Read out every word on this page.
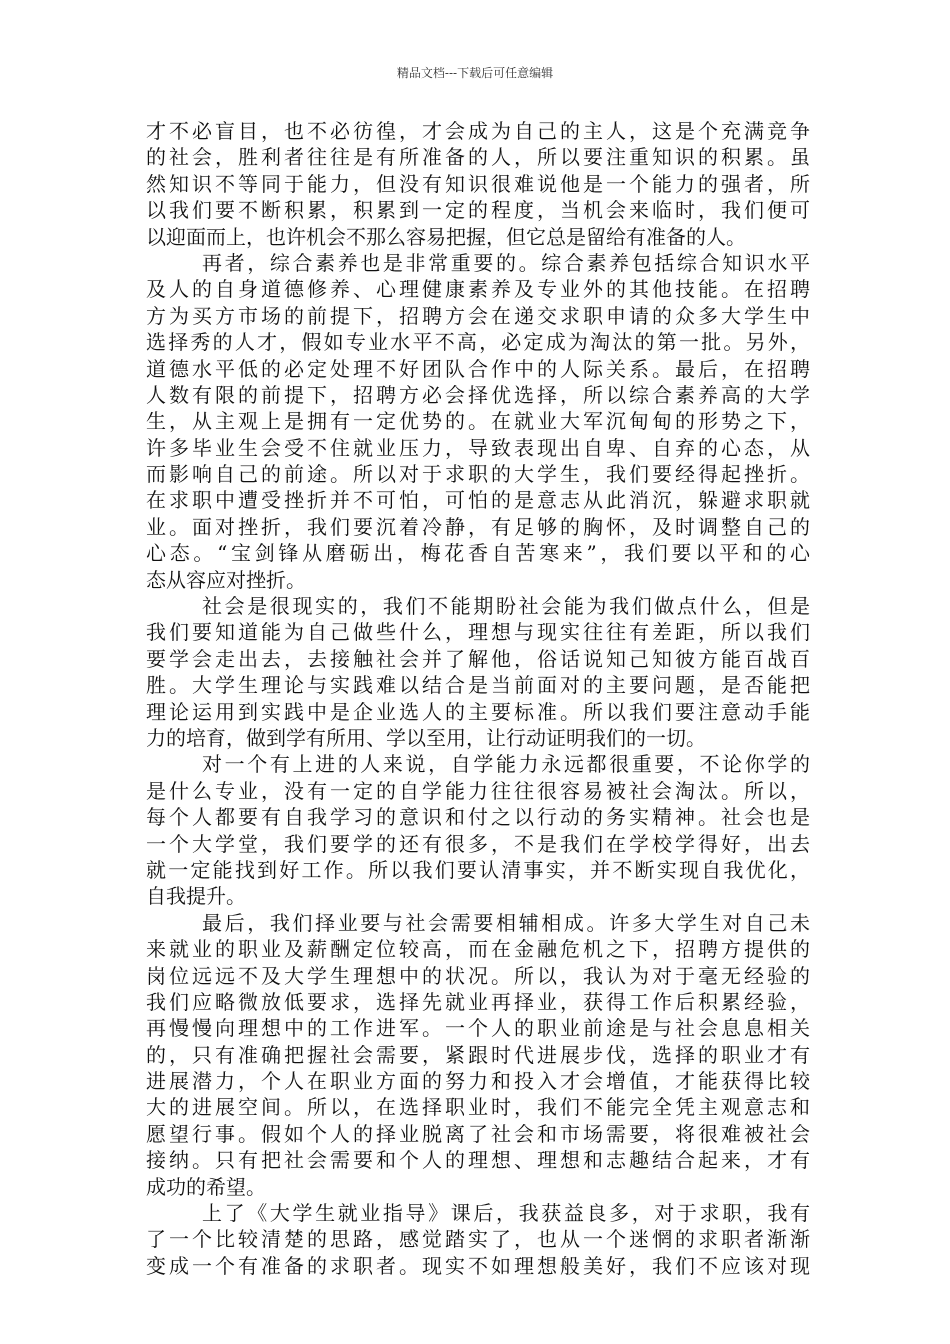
精品文档---下载后可任意编辑
才不必盲目，也不必彷徨，才会成为自己的主人，这是个充满竞争
的社会，胜利者往往是有所准备的人，所以要注重知识的积累。虽
然知识不等同于能力，但没有知识很难说他是一个能力的强者，所
以我们要不断积累，积累到一定的程度，当机会来临时，我们便可
以迎面而上，也许机会不那么容易把握，但它总是留给有准备的人。
再者，综合素养也是非常重要的。综合素养包括综合知识水平
及人的自身道德修养、心理健康素养及专业外的其他技能。在招聘
方为买方市场的前提下，招聘方会在递交求职申请的众多大学生中
选择秀的人才，假如专业水平不高，必定成为淘汰的第一批。另外，
道德水平低的必定处理不好团队合作中的人际关系。最后，在招聘
人数有限的前提下，招聘方必会择优选择，所以综合素养高的大学
生，从主观上是拥有一定优势的。在就业大军沉甸甸的形势之下，
许多毕业生会受不住就业压力，导致表现出自卑、自弃的心态，从
而影响自己的前途。所以对于求职的大学生，我们要经得起挫折。
在求职中遭受挫折并不可怕，可怕的是意志从此消沉，躲避求职就
业。面对挫折，我们要沉着冷静，有足够的胸怀，及时调整自己的
心态。“宝剑锋从磨砺出，梅花香自苦寒来”，我们要以平和的心
态从容应对挫折。
社会是很现实的，我们不能期盼社会能为我们做点什么，但是
我们要知道能为自己做些什么，理想与现实往往有差距，所以我们
要学会走出去，去接触社会并了解他，俗话说知己知彼方能百战百
胜。大学生理论与实践难以结合是当前面对的主要问题，是否能把
理论运用到实践中是企业选人的主要标准。所以我们要注意动手能
力的培育，做到学有所用、学以至用，让行动证明我们的一切。
对一个有上进的人来说，自学能力永远都很重要，不论你学的
是什么专业，没有一定的自学能力往往很容易被社会淘汰。所以，
每个人都要有自我学习的意识和付之以行动的务实精神。社会也是
一个大学堂，我们要学的还有很多，不是我们在学校学得好，出去
就一定能找到好工作。所以我们要认清事实，并不断实现自我优化，
自我提升。
最后，我们择业要与社会需要相辅相成。许多大学生对自己未
来就业的职业及薪酬定位较高，而在金融危机之下，招聘方提供的
岗位远远不及大学生理想中的状况。所以，我认为对于毫无经验的
我们应略微放低要求，选择先就业再择业，获得工作后积累经验，
再慢慢向理想中的工作进军。一个人的职业前途是与社会息息相关
的，只有准确把握社会需要，紧跟时代进展步伐，选择的职业才有
进展潜力，个人在职业方面的努力和投入才会增值，才能获得比较
大的进展空间。所以，在选择职业时，我们不能完全凭主观意志和
愿望行事。假如个人的择业脱离了社会和市场需要，将很难被社会
接纳。只有把社会需要和个人的理想、理想和志趣结合起来，才有
成功的希望。
上了《大学生就业指导》课后，我获益良多，对于求职，我有
了一个比较清楚的思路，感觉踏实了，也从一个迷惘的求职者渐渐
变成一个有准备的求职者。现实不如理想般美好，我们不应该对现
